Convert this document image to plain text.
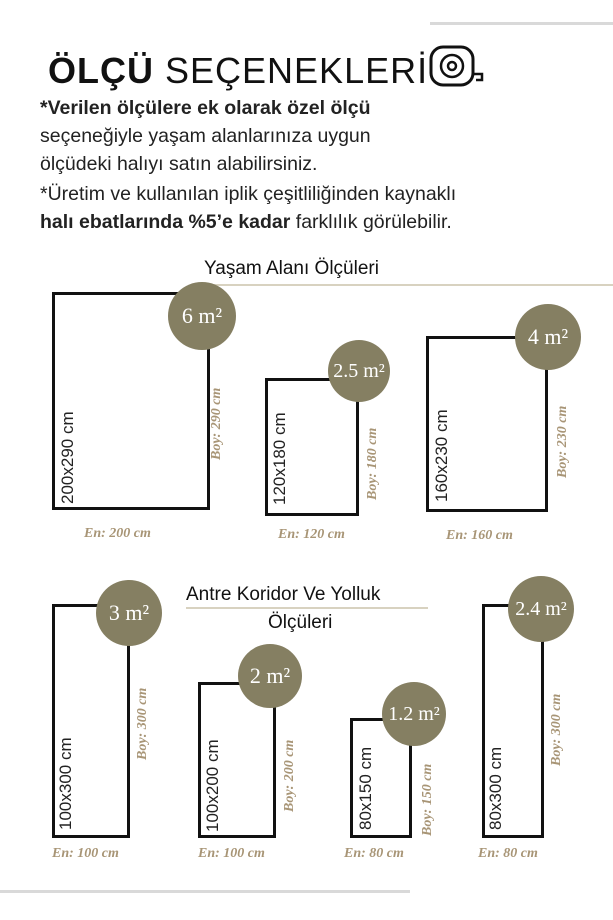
ÖLÇÜ SEÇENEKLERİ
*Verilen ölçülere ek olarak özel ölçü
seçeneğiyle yaşam alanlarınıza uygun
ölçüdeki halıyı satın alabilirsiniz.
*Üretim ve kullanılan iplik çeşitliliğinden kaynaklı
halı ebatlarında %5’e kadar farklılık görülebilir.
Yaşam Alanı Ölçüleri
200x290 cm
6 m²
Boy: 290 cm
En: 200 cm
120x180 cm
2.5 m²
Boy: 180 cm
En: 120 cm
160x230 cm
4 m²
Boy: 230 cm
En: 160 cm
Antre Koridor Ve Yolluk
Ölçüleri
100x300 cm
3 m²
Boy: 300 cm
En: 100 cm
100x200 cm
2 m²
Boy: 200 cm
En: 100 cm
80x150 cm
1.2 m²
Boy: 150 cm
En: 80 cm
80x300 cm
2.4 m²
Boy: 300 cm
En: 80 cm
